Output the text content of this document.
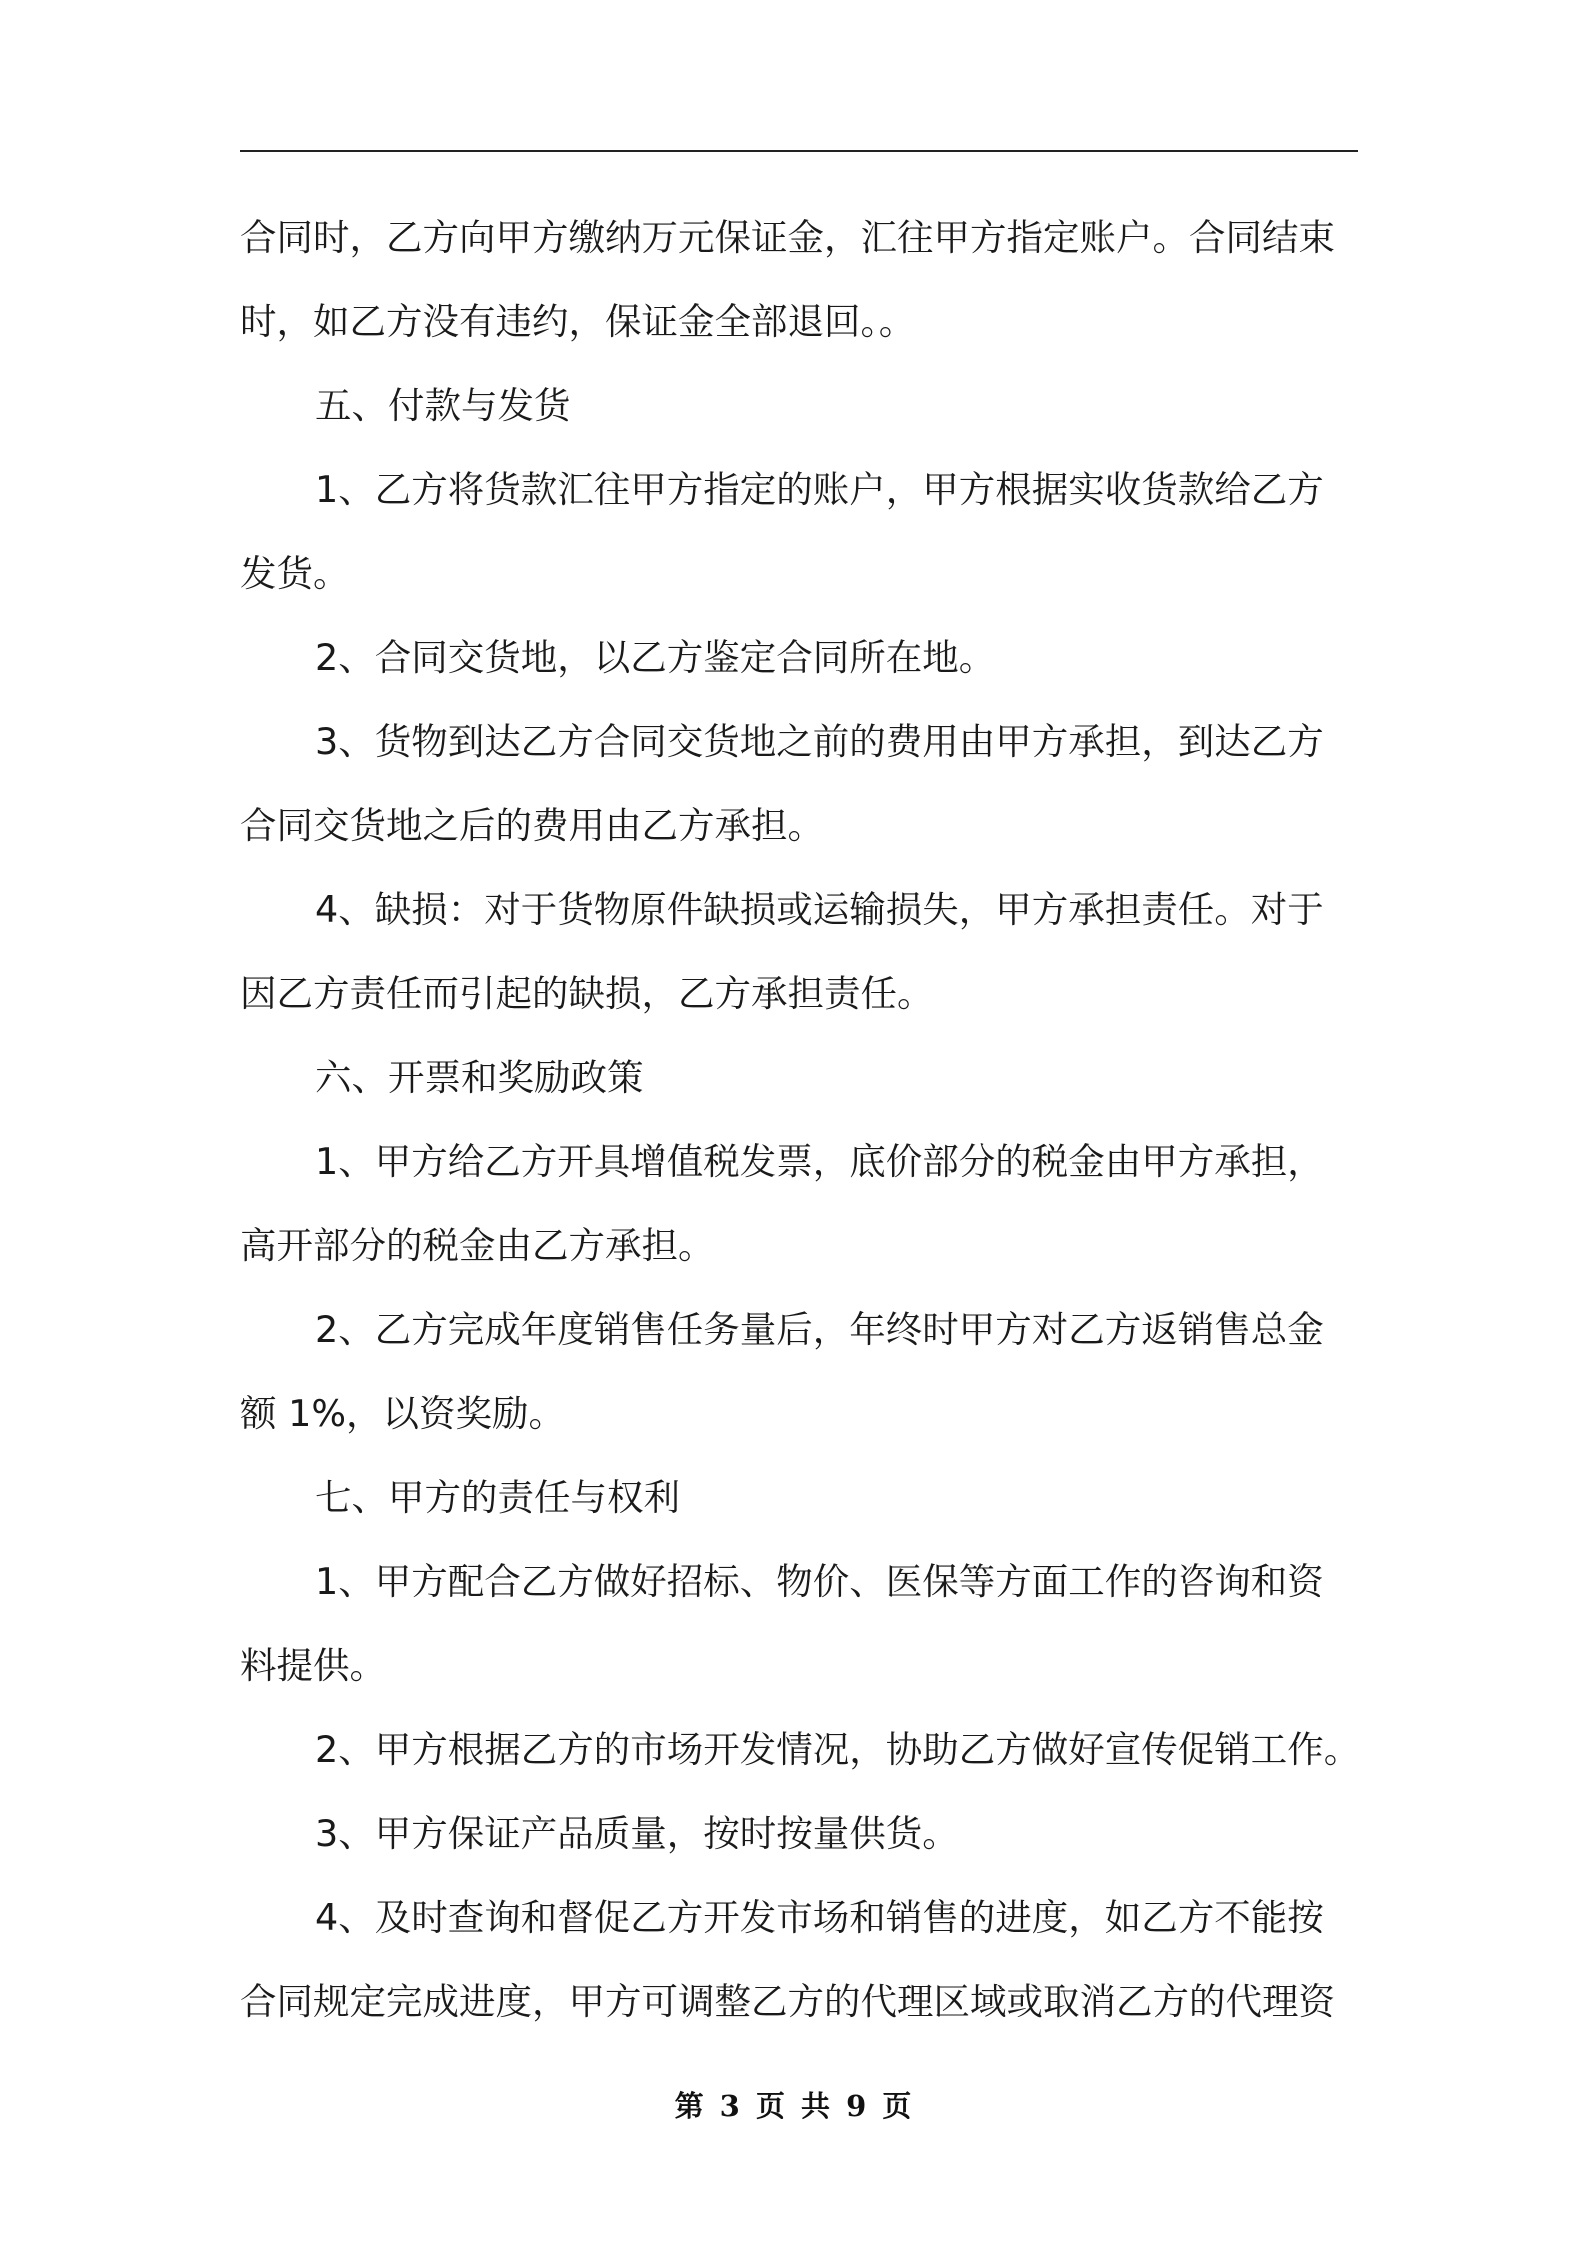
合同时，乙方向甲方缴纳万元保证金，汇往甲方指定账户。合同结束
时，如乙方没有违约，保证金全部退回。。
五、付款与发货
1、乙方将货款汇往甲方指定的账户，甲方根据实收货款给乙方
发货。
2、合同交货地，以乙方鉴定合同所在地。
3、货物到达乙方合同交货地之前的费用由甲方承担，到达乙方
合同交货地之后的费用由乙方承担。
4、缺损：对于货物原件缺损或运输损失，甲方承担责任。对于
因乙方责任而引起的缺损，乙方承担责任。
六、开票和奖励政策
1、甲方给乙方开具增值税发票，底价部分的税金由甲方承担，
高开部分的税金由乙方承担。
2、乙方完成年度销售任务量后，年终时甲方对乙方返销售总金
额 1%，以资奖励。
七、甲方的责任与权利
1、甲方配合乙方做好招标、物价、医保等方面工作的咨询和资
料提供。
2、甲方根据乙方的市场开发情况，协助乙方做好宣传促销工作。
3、甲方保证产品质量，按时按量供货。
4、及时查询和督促乙方开发市场和销售的进度，如乙方不能按
合同规定完成进度，甲方可调整乙方的代理区域或取消乙方的代理资
第 3 页 共 9 页
